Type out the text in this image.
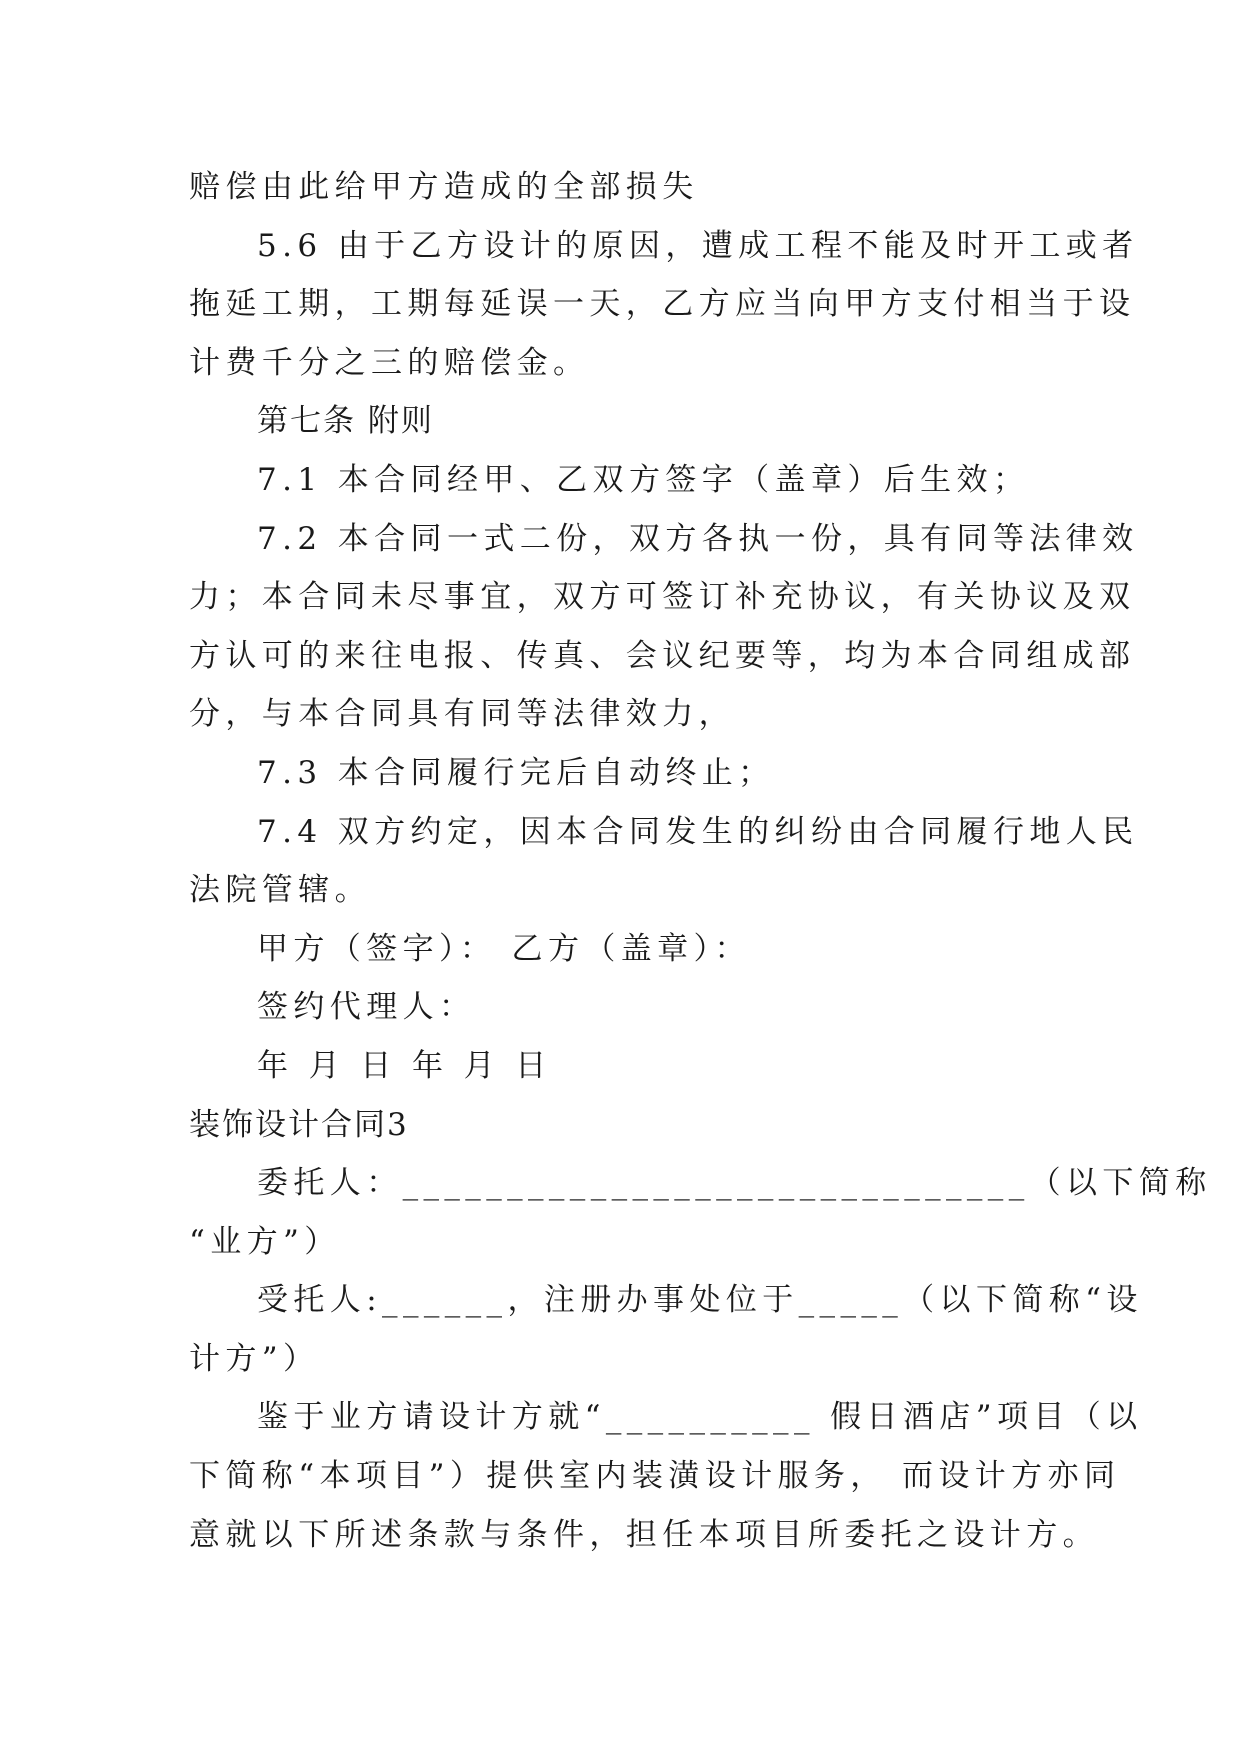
赔偿由此给甲方造成的全部损失
5.6 由于乙方设计的原因，遭成工程不能及时开工或者
拖延工期，工期每延误一天，乙方应当向甲方支付相当于设
计费千分之三的赔偿金。
第七条 附则
7.1 本合同经甲、乙双方签字（盖章）后生效；
7.2 本合同一式二份，双方各执一份，具有同等法律效
力；本合同未尽事宜，双方可签订补充协议，有关协议及双
方认可的来往电报、传真、会议纪要等，均为本合同组成部
分，与本合同具有同等法律效力，
7.3 本合同履行完后自动终止；
7.4 双方约定，因本合同发生的纠纷由合同履行地人民
法院管辖。
甲方（签字）： 乙方（盖章）：
签约代理人：
年 月 日 年 月 日
装饰设计合同3
委托人：______________________________（以下简称
“业方”）
受托人:______，注册办事处位于_____（以下简称“设
计方”）
鉴于业方请设计方就“__________ 假日酒店”项目（以
下简称“本项目”）提供室内装潢设计服务， 而设计方亦同
意就以下所述条款与条件，担任本项目所委托之设计方。
